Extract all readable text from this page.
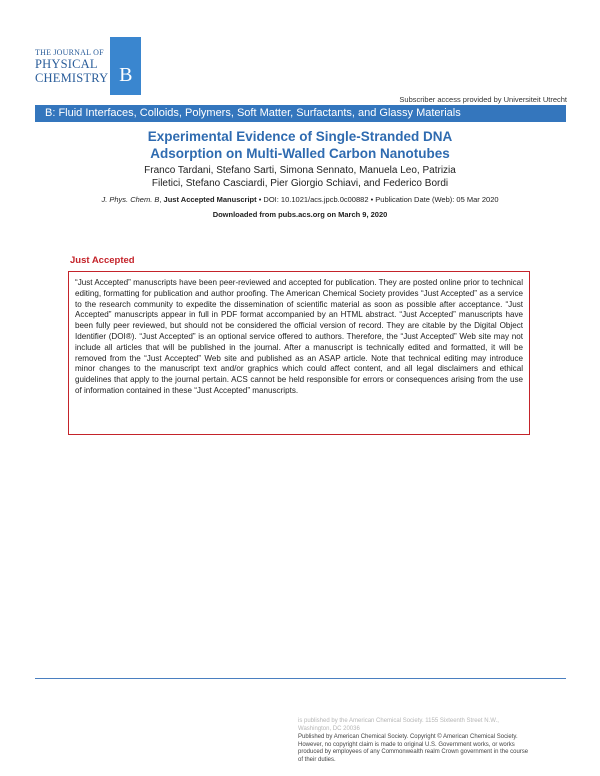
THE JOURNAL OF
PHYSICAL
CHEMISTRY B
Subscriber access provided by Universiteit Utrecht
B: Fluid Interfaces, Colloids, Polymers, Soft Matter, Surfactants, and Glassy Materials
Experimental Evidence of Single-Stranded DNA
Adsorption on Multi-Walled Carbon Nanotubes
Franco Tardani, Stefano Sarti, Simona Sennato, Manuela Leo, Patrizia
Filetici, Stefano Casciardi, Pier Giorgio Schiavi, and Federico Bordi
J. Phys. Chem. B, Just Accepted Manuscript • DOI: 10.1021/acs.jpcb.0c00882 • Publication Date (Web): 05 Mar 2020
Downloaded from pubs.acs.org on March 9, 2020
Just Accepted
“Just Accepted” manuscripts have been peer-reviewed and accepted for publication. They are posted online prior to technical editing, formatting for publication and author proofing. The American Chemical Society provides “Just Accepted” as a service to the research community to expedite the dissemination of scientific material as soon as possible after acceptance. “Just Accepted” manuscripts appear in full in PDF format accompanied by an HTML abstract. “Just Accepted” manuscripts have been fully peer reviewed, but should not be considered the official version of record. They are citable by the Digital Object Identifier (DOI®). “Just Accepted” is an optional service offered to authors. Therefore, the “Just Accepted” Web site may not include all articles that will be published in the journal. After a manuscript is technically edited and formatted, it will be removed from the “Just Accepted” Web site and published as an ASAP article. Note that technical editing may introduce minor changes to the manuscript text and/or graphics which could affect content, and all legal disclaimers and ethical guidelines that apply to the journal pertain. ACS cannot be held responsible for errors or consequences arising from the use of information contained in these “Just Accepted” manuscripts.
is published by the American Chemical Society. 1155 Sixteenth Street N.W.,
Washington, DC 20036
Published by American Chemical Society. Copyright © American Chemical Society.
However, no copyright claim is made to original U.S. Government works, or works
produced by employees of any Commonwealth realm Crown government in the course
of their duties.
